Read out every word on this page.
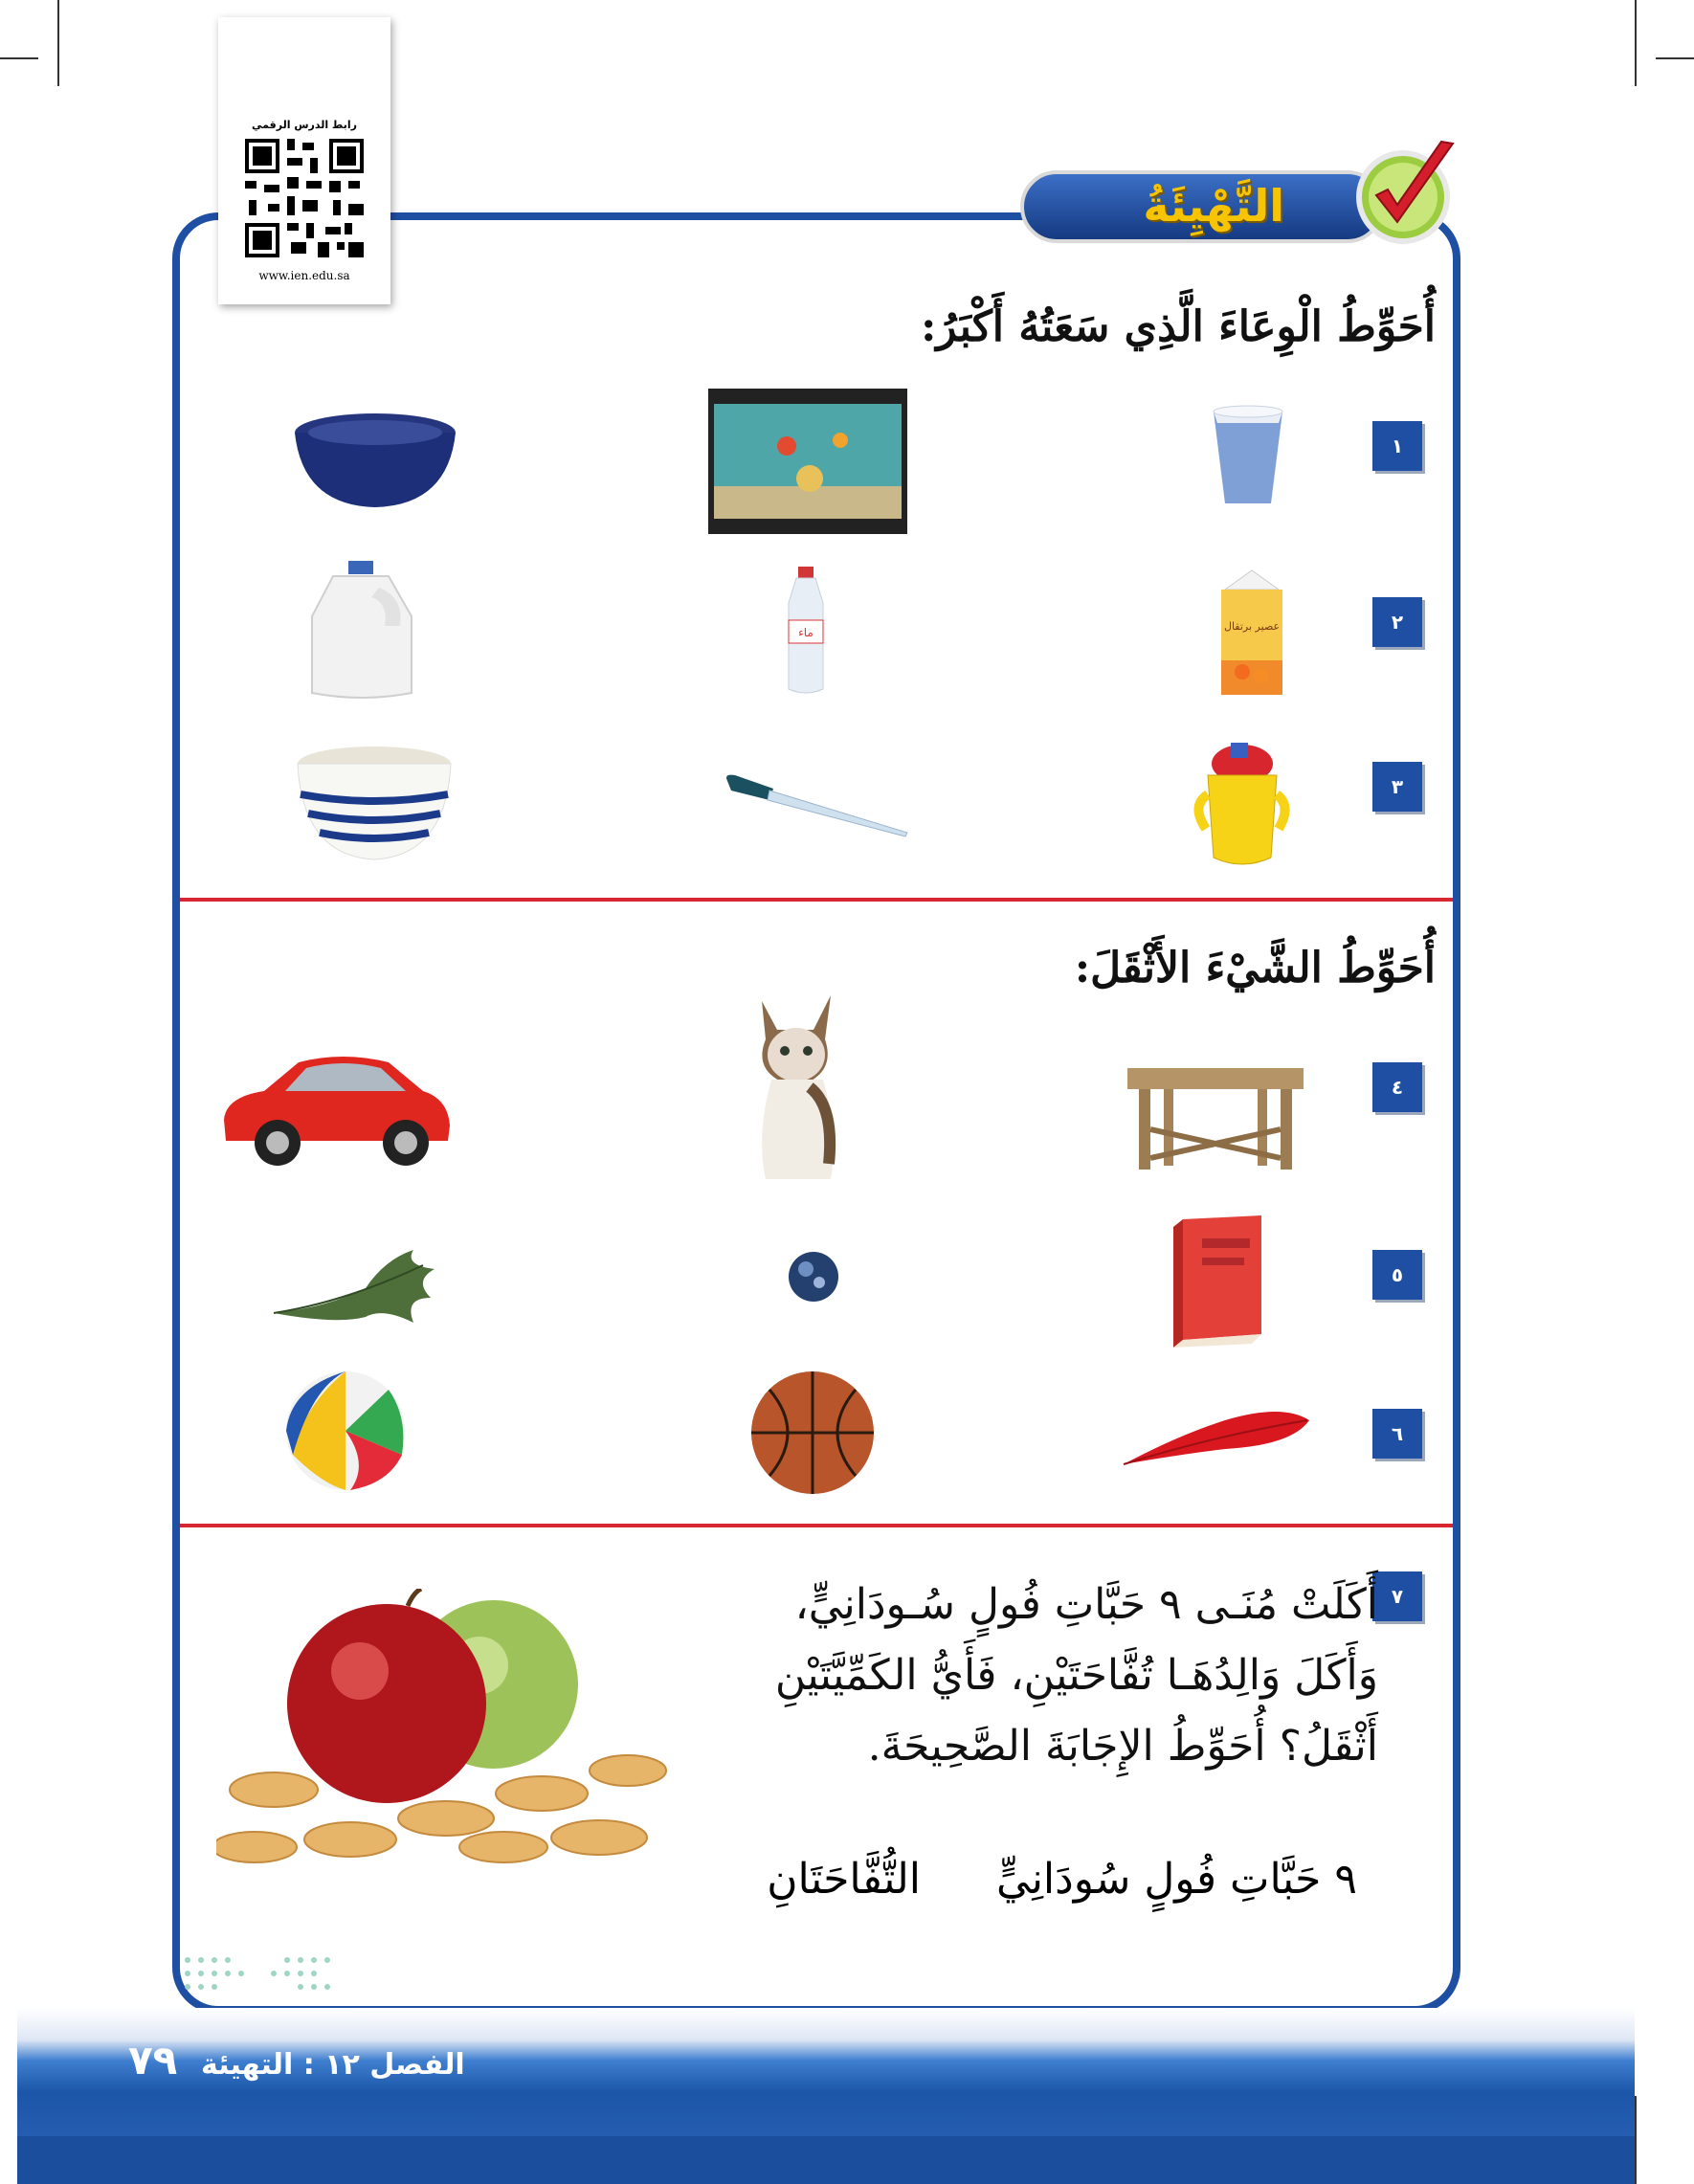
رابط الدرس الرقمي
www.ien.edu.sa
التَّهْيِئَةُ
أُحَوِّطُ الْوِعَاءَ الَّذِي سَعَتُهُ أَكْبَرُ:
١
٢
٣
عصير برتقال
ماء
أُحَوِّطُ الشَّيْءَ الأَثْقَلَ:
٤
٥
٦
٧
أَكَلَتْ مُنَـى ٩ حَبَّاتِ فُولٍ سُـودَانِيٍّ،
وَأَكَلَ وَالِدُهَـا تُفَّاحَتَيْنِ، فَأَيُّ الكَمِّيَّتَيْنِ
أَثْقَلُ؟ أُحَوِّطُ الإِجَابَةَ الصَّحِيحَةَ.
٩ حَبَّاتِ فُولٍ سُودَانِيٍّ
التُّفَّاحَتَانِ
الفصل ١٢ : التهيئة
٧٩
